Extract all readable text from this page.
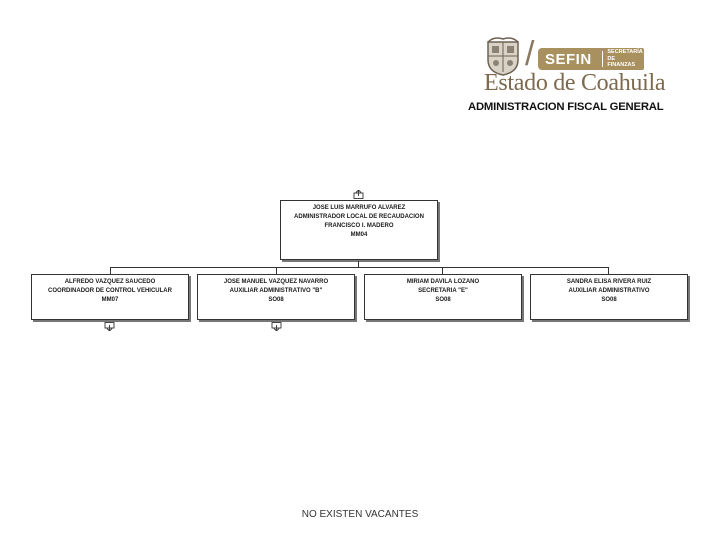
/ SEFIN	SECRETARÍA
DE FINANZAS
Estado de Coahuila
ADMINISTRACION FISCAL GENERAL
JOSE LUIS MARRUFO ALVAREZ
ADMINISTRADOR LOCAL DE RECAUDACION
FRANCISCO I. MADERO
MM04
ALFREDO VAZQUEZ SAUCEDO
COORDINADOR DE CONTROL VEHICULAR
MM07
JOSE MANUEL VAZQUEZ NAVARRO
AUXILIAR ADMINISTRATIVO "B"
SO08
MIRIAM DAVILA LOZANO
SECRETARIA "E"
SO08
SANDRA ELISA RIVERA RUIZ
AUXILIAR ADMINISTRATIVO
SO08
NO EXISTEN VACANTES
